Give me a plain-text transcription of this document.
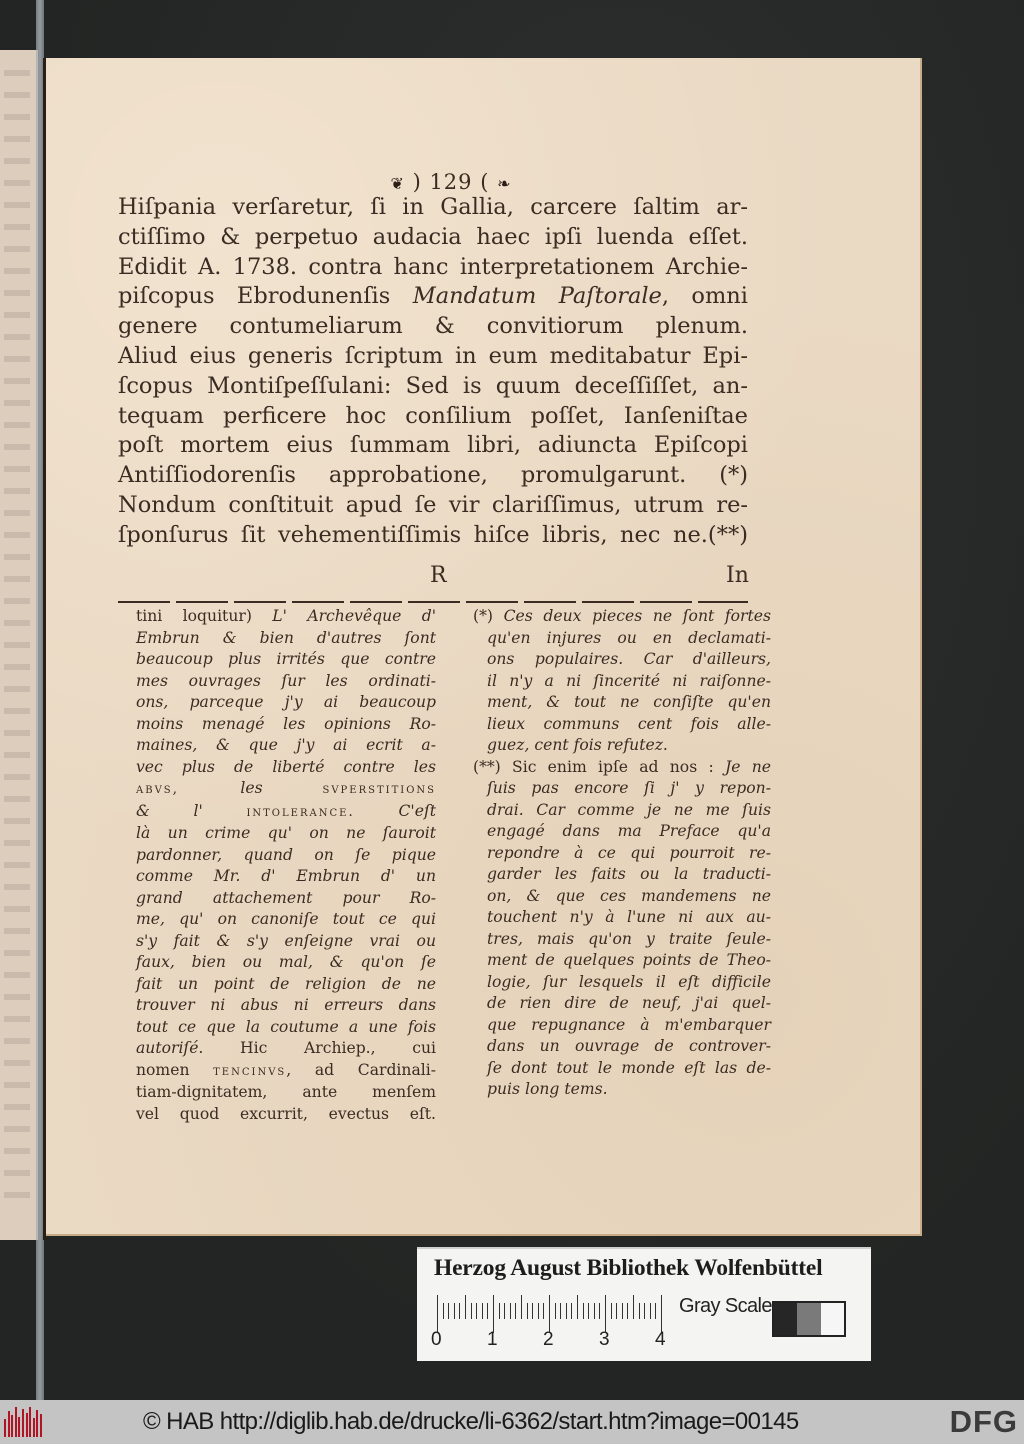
❦ ) 129 ( ❧
Hiſpania verſaretur, ſi in Gallia, carcere ſaltim ar-
ctiſſimo & perpetuo audacia haec ipſi luenda eſſet.
Edidit A. 1738. contra hanc interpretationem Archie-
piſcopus Ebrodunenſis Mandatum Paſtorale, omni
genere contumeliarum & convitiorum plenum.
Aliud eius generis ſcriptum in eum meditabatur Epi-
ſcopus Montiſpeſſulani: Sed is quum deceſſiſſet, an-
tequam perficere hoc conſilium poſſet, Ianſeniſtae
poſt mortem eius ſummam libri, adiuncta Epiſcopi
Antiſſiodorenſis approbatione, promulgarunt. (*)
Nondum conſtituit apud ſe vir clariſſimus, utrum re-
ſponſurus ſit vehementiſſimis hiſce libris, nec ne.(**)
R	In
tini loquitur) L' Archevêque d'
Embrun & bien d'autres ſont
beaucoup plus irrités que contre
mes ouvrages ſur les ordinati-
ons, parceque j'y ai beaucoup
moins menagé les opinions Ro-
maines, & que j'y ai ecrit a-
vec plus de liberté contre les
abvs, les svperstitions
& l' intolerance. C'eſt
là un crime qu' on ne ſauroit
pardonner, quand on ſe pique
comme Mr. d' Embrun d' un
grand attachement pour Ro-
me, qu' on canoniſe tout ce qui
s'y fait & s'y enſeigne vrai ou
faux, bien ou mal, & qu'on ſe
fait un point de religion de ne
trouver ni abus ni erreurs dans
tout ce que la coutume a une fois
autoriſé. Hic Archiep., cui
nomen tencinvs, ad Cardinali-
tiam-dignitatem, ante menſem
vel quod excurrit, evectus eſt.
(*) Ces deux pieces ne ſont fortes
qu'en injures ou en declamati-
ons populaires. Car d'ailleurs,
il n'y a ni ſincerité ni raiſonne-
ment, & tout ne conſiſte qu'en
lieux communs cent fois alle-
guez, cent fois refutez.
(**) Sic enim ipſe ad nos : Je ne
ſuis pas encore ſi j' y repon-
drai. Car comme je ne me ſuis
engagé dans ma Preface qu'a
repondre à ce qui pourroit re-
garder les faits ou la traducti-
on, & que ces mandemens ne
touchent n'y à l'une ni aux au-
tres, mais qu'on y traite ſeule-
ment de quelques points de Theo-
logie, ſur lesquels il eſt difficile
de rien dire de neuf, j'ai quel-
que repugnance à m'embarquer
dans un ouvrage de controver-
ſe dont tout le monde eſt las de-
puis long tems.
Herzog August Bibliothek Wolfenbüttel
0 1 2 3 4
Gray Scale
© HAB http://diglib.hab.de/drucke/li-6362/start.htm?image=00145	DFG
